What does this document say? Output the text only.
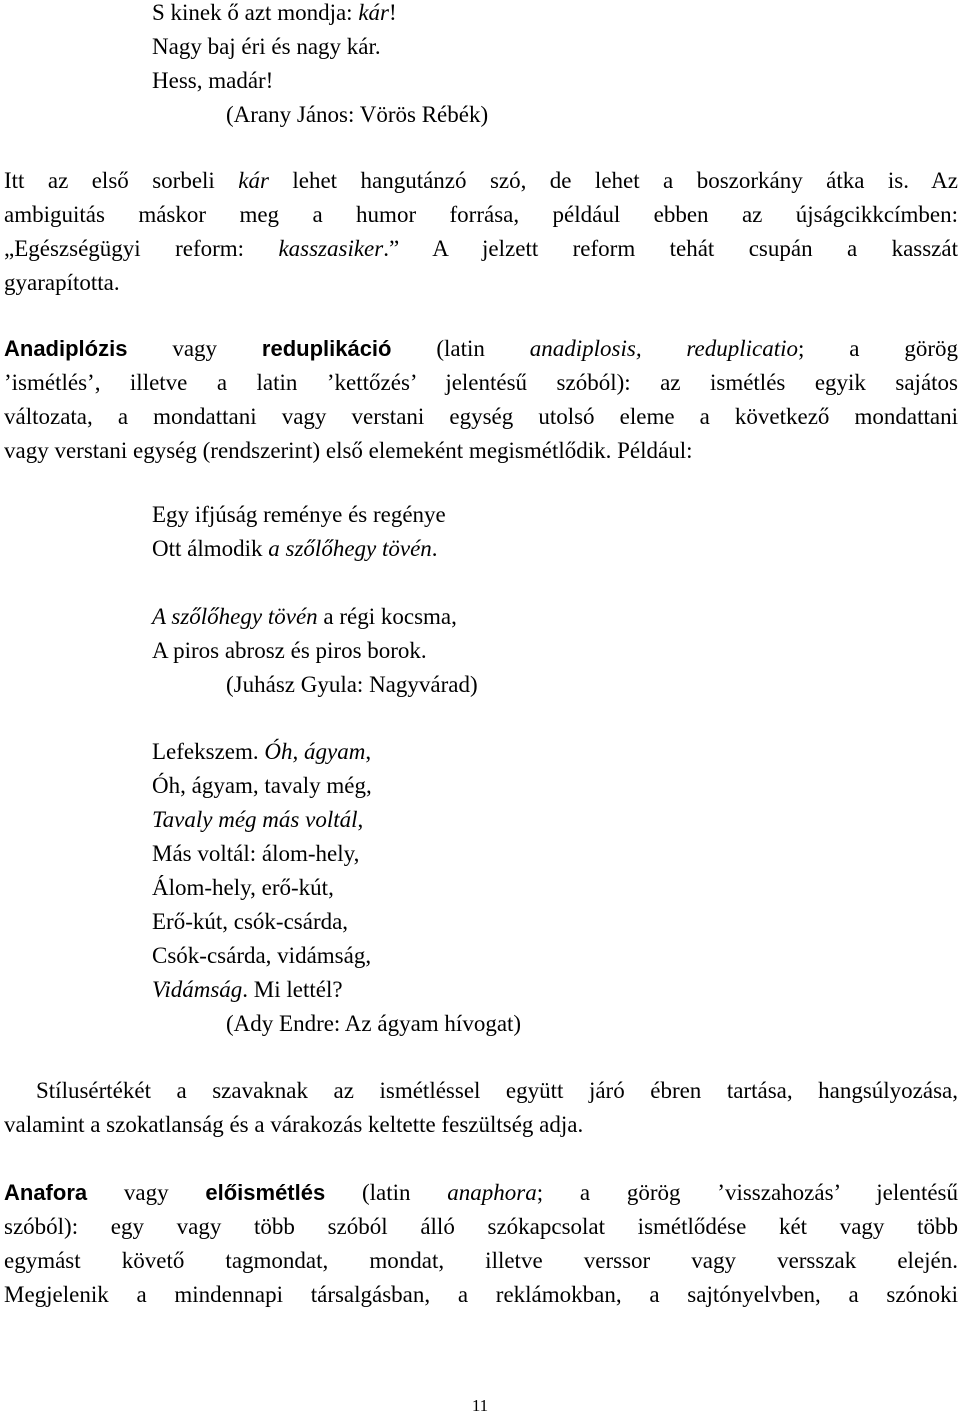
S kinek ő azt mondja: kár!
Nagy baj éri és nagy kár.
Hess, madár!
(Arany János: Vörös Rébék)
Itt az első sorbeli kár lehet hangutánzó szó, de lehet a boszorkány átka is. Az
ambiguitás máskor meg a humor forrása, például ebben az újságcikkcímben:
„Egészségügyi reform: kasszasiker.” A jelzett reform tehát csupán a kasszát
gyarapította.
Anadiplózis vagy reduplikáció (latin anadiplosis, reduplicatio; a görög
’ismétlés’, illetve a latin ’kettőzés’ jelentésű szóból): az ismétlés egyik sajátos
változata, a mondattani vagy verstani egység utolsó eleme a következő mondattani
vagy verstani egység (rendszerint) első elemeként megismétlődik. Például:
Egy ifjúság reménye és regénye
Ott álmodik a szőlőhegy tövén.
A szőlőhegy tövén a régi kocsma,
A piros abrosz és piros borok.
(Juhász Gyula: Nagyvárad)
Lefekszem. Óh, ágyam,
Óh, ágyam, tavaly még,
Tavaly még más voltál,
Más voltál: álom-hely,
Álom-hely, erő-kút,
Erő-kút, csók-csárda,
Csók-csárda, vidámság,
Vidámság. Mi lettél?
(Ady Endre: Az ágyam hívogat)
Stílusértékét a szavaknak az ismétléssel együtt járó ébren tartása, hangsúlyozása,
valamint a szokatlanság és a várakozás keltette feszültség adja.
Anafora vagy előismétlés (latin anaphora; a görög ’visszahozás’ jelentésű
szóból): egy vagy több szóból álló szókapcsolat ismétlődése két vagy több
egymást követő tagmondat, mondat, illetve verssor vagy versszak elején.
Megjelenik a mindennapi társalgásban, a reklámokban, a sajtónyelvben, a szónoki
11
